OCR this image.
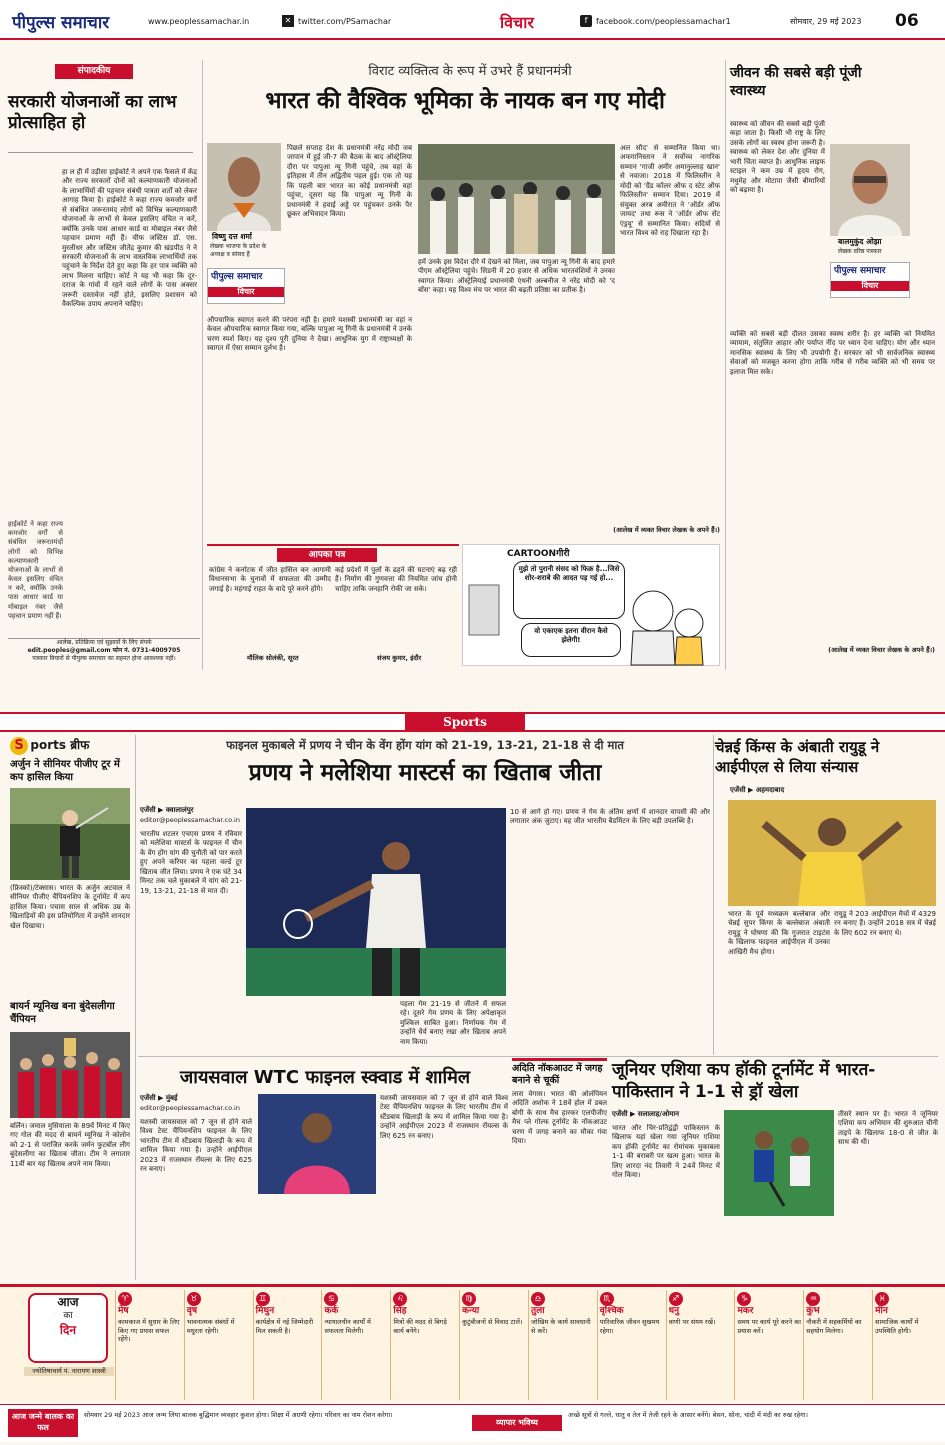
पीपुल्स समाचार	www.peoplessamachar.in	✕ twitter.com/PSamachar	विचार	f	facebook.com/peoplessamachar1	सोमवार, 29 मई 2023 06
संपादकीय
सरकारी योजनाओं का लाभ प्रोत्साहित हो
हाईकोर्ट ने कहा राज्य कमजोर वर्गों से संबंधित जरूरतमंदों लोगों को विभिन्न कल्याणकारी योजनाओं के लाभों से केवल इसलिए वंचित न करे, क्योंकि उनके पास आधार कार्ड या मोबाइल नंबर जैसे पहचान प्रमाण नहीं हैं।
हा ल ही में उड़ीसा हाईकोर्ट ने अपने एक फैसले में केंद्र और राज्य सरकारों दोनों को कल्याणकारी योजनाओं के लाभार्थियों की पहचान संबंधी पात्रता शर्तों को लेकर आगाह किया है। हाईकोर्ट ने कहा राज्य कमजोर वर्गों से संबंधित जरूरतमंद लोगों को विभिन्न कल्याणकारी योजनाओं के लाभों से केवल इसलिए वंचित न करें, क्योंकि उनके पास आधार कार्ड या मोबाइल नंबर जैसे पहचान प्रमाण नहीं हैं। चीफ जस्टिस डॉ. एस. मुरलीधर और जस्टिस जीतेंद्र कुमार की खंडपीठ ने ने सरकारी योजनाओं के लाभ वास्तविक लाभार्थियों तक पहुंचाने के निर्देश देते हुए कहा कि हर पात्र व्यक्ति को लाभ मिलना चाहिए। कोर्ट ने यह भी कहा कि दूर-दराज के गांवों में रहने वाले लोगों के पास अक्सर जरूरी दस्तावेज नहीं होते, इसलिए प्रशासन को वैकल्पिक उपाय अपनाने चाहिए।
आलेख, प्रतिक्रिया एवं सुझावों के लिए संपर्क
edit.peoples@gmail.com फोन नं. 0731-4009705
पत्रकार विचारों से पीपुल्स समाचार का सहमत होना आवश्यक नहीं।
विराट व्यक्तित्व के रूप में उभरे हैं प्रधानमंत्री
भारत की वैश्विक भूमिका के नायक बन गए मोदी
विष्णु दत्त शर्मा
लेखक भाजपा के प्रदेश के अध्यक्ष व सांसद हैं
पीपुल्स समाचार
विचार
पिछले सप्ताह देश के प्रधानमंत्री नरेंद्र मोदी जब जापान में हुई जी-7 की बैठक के बाद ऑस्ट्रेलिया दौरा पर पापुआ न्यू गिनी पहुंचे, तब वहां के इतिहास में तीन अद्वितीय पहल हुई। एक तो यह कि पहली बार भारत का कोई प्रधानमंत्री वहां पहुंचा, दूसरा यह कि पापुआ न्यू गिनी के प्रधानमंत्री ने हवाई अड्डे पर पहुंचकर उनके पैर छूकर अभिवादन किया।
औपचारिक स्वागत करने की परंपरा नहीं है। हमारे यशस्वी प्रधानमंत्री का वहां न केवल औपचारिक स्वागत किया गया, बल्कि पापुआ न्यू गिनी के प्रधानमंत्री ने उनके चरण स्पर्श किए। यह दृश्य पूरी दुनिया ने देखा। आधुनिक युग में राष्ट्राध्यक्षों के स्वागत में ऐसा सम्मान दुर्लभ है।
हमें उनके इस विदेश दौरे में देखने को मिला, जब पापुआ न्यू गिनी के बाद हमारे पीएम ऑस्ट्रेलिया पहुंचे। सिडनी में 20 हजार से अधिक भारतवंशियों ने उनका स्वागत किया। ऑस्ट्रेलियाई प्रधानमंत्री एंथनी अल्बनीज ने नरेंद्र मोदी को 'द बॉस' कहा। यह विश्व मंच पर भारत की बढ़ती प्रतिष्ठा का प्रतीक है।
अल सौद' से सम्मानित किया था। अफगानिस्तान ने सर्वोच्च नागरिक सम्मान 'गाजी अमीर अमानुल्लाह खान' से नवाजा। 2018 में फिलिस्तीन ने मोदी को 'ग्रैंड कॉलर ऑफ द स्टेट ऑफ फिलिस्तीन' सम्मान दिया। 2019 में संयुक्त अरब अमीरात ने 'ऑर्डर ऑफ जायद' तथा रूस ने 'ऑर्डर ऑफ सेंट एंड्रयू' से सम्मानित किया। सदियों से भारत विश्व को राह दिखाता रहा है।
(आलेख में व्यक्त विचार लेखक के अपने हैं।)
आपका पत्र
कांग्रेस ने कर्नाटक में जीत हासिल कर आगामी विधानसभा के चुनावों में सफलता की उम्मीद जगाई है। महंगाई राहत के वादे पूरे करने होंगे।
मौलिक सोलंकी, सूरत
कई प्रदेशों में पुलों के ढहने की घटनाएं बढ़ रही हैं। निर्माण की गुणवत्ता की नियमित जांच होनी चाहिए ताकि जनहानि रोकी जा सके।
संजय कुमार, इंदौर
CARTOONगीरी
मुझे तो पुरानी संसद को फिक्र है...जिसे शोर-शराबे की आदत पड़ गई हो...
वो एकाएक इतना वीरान कैसे झेलेगी!
जीवन की सबसे बड़ी पूंजी स्वास्थ्य
बालमुकुंद ओझा
लेखक वरिष्ठ पत्रकार
स्वास्थ्य को जीवन की सबसे बड़ी पूंजी कहा जाता है। किसी भी राष्ट्र के लिए उसके लोगों का स्वस्थ होना जरूरी है। स्वास्थ्य को लेकर देश और दुनिया में भारी चिंता व्याप्त है। आधुनिक लाइफ स्टाइल ने कम उम्र में हृदय रोग, मधुमेह और मोटापा जैसी बीमारियों को बढ़ाया है।
पीपुल्स समाचार
विचार
व्यक्ति को सबसे बड़ी दौलत उसका स्वस्थ शरीर है। हर व्यक्ति को नियमित व्यायाम, संतुलित आहार और पर्याप्त नींद पर ध्यान देना चाहिए। योग और ध्यान मानसिक स्वास्थ्य के लिए भी उपयोगी हैं। सरकार को भी सार्वजनिक स्वास्थ्य सेवाओं को मजबूत करना होगा ताकि गरीब से गरीब व्यक्ति को भी समय पर इलाज मिल सके।
(आलेख में व्यक्त विचार लेखक के अपने हैं।)
Sports
S ports ब्रीफ
अर्जुन ने सीनियर पीजीए टूर में कप हासिल किया
(फ्रिस्को)/टेक्सास। भारत के अर्जुन अटवाल ने सीनियर पीजीए चैंपियनशिप के टूर्नामेंट में कप हासिल किया। पचास साल से अधिक उम्र के खिलाड़ियों की इस प्रतियोगिता में उन्होंने शानदार खेल दिखाया।
बायर्न म्यूनिख बना बुंदेसलीगा चैंपियन
बर्लिन। जमाल मुसियाला के 89वें मिनट में किए गए गोल की मदद से बायर्न म्यूनिख ने कोलोन को 2-1 से पराजित करके जर्मन फुटबॉल लीग बुंदेसलीगा का खिताब जीता। टीम ने लगातार 11वीं बार यह खिताब अपने नाम किया।
फाइनल मुकाबले में प्रणय ने चीन के वेंग होंग यांग को 21-19, 13-21, 21-18 से दी मात
प्रणय ने मलेशिया मास्टर्स का खिताब जीता
एजेंसी ▶ क्वालालंपुर
editor@peoplessamachar.co.in
भारतीय शटलर एचएस प्रणय ने रविवार को मलेशिया मास्टर्स के फाइनल में चीन के वेंग होंग यांग की चुनौती को पार करते हुए अपने करियर का पहला वर्ल्ड टूर खिताब जीत लिया। प्रणय ने एक घंटे 34 मिनट तक चले मुकाबले में यांग को 21-19, 13-21, 21-18 से मात दी।
पहला गेम 21-19 से जीतने में सफल रहे। दूसरे गेम प्रणय के लिए अपेक्षाकृत मुश्किल साबित हुआ। निर्णायक गेम में उन्होंने धैर्य बनाए रखा और खिताब अपने नाम किया।
10 से आगे हो गए। प्रणय ने गेम के अंतिम क्षणों में शानदार वापसी की और लगातार अंक जुटाए। यह जीत भारतीय बैडमिंटन के लिए बड़ी उपलब्धि है।
चेन्नई किंग्स के अंबाती रायुडू ने आईपीएल से लिया संन्यास
एजेंसी ▶ अहमदाबाद
भारत के पूर्व मध्यक्रम बल्लेबाज और चेन्नई सुपर किंग्स के बल्लेबाज अंबाती रायुडू ने घोषणा की कि गुजरात टाइटंस के खिलाफ फाइनल आईपीएल में उनका आखिरी मैच होगा।
रायुडू ने 203 आईपीएल मैचों में 4329 रन बनाए हैं। उन्होंने 2018 सत्र में चेन्नई के लिए 602 रन बनाए थे।
जायसवाल WTC फाइनल स्क्वाड में शामिल
एजेंसी ▶ मुंबई
editor@peoplessamachar.co.in
यशस्वी जायसवाल को 7 जून से होने वाले विश्व टेस्ट चैंपियनशिप फाइनल के लिए भारतीय टीम में स्टैंडबाय खिलाड़ी के रूप में शामिल किया गया है। उन्होंने आईपीएल 2023 में राजस्थान रॉयल्स के लिए 625 रन बनाए।
यशस्वी जायसवाल को 7 जून से होने वाले विश्व टेस्ट चैंपियनशिप फाइनल के लिए भारतीय टीम में स्टैंडबाय खिलाड़ी के रूप में शामिल किया गया है। उन्होंने आईपीएल 2023 में राजस्थान रॉयल्स के लिए 625 रन बनाए।
अदिति नॉकआउट में जगह बनाने से चूकीं
लास वेगास। भारत की ओलंपियन अदिति अशोक ने 18वें होल में डबल बोगी के साथ मैच हारकर एलपीजीए मैच प्ले गोल्फ टूर्नामेंट के नॉकआउट चरण में जगह बनाने का मौका गंवा दिया।
जूनियर एशिया कप हॉकी टूर्नामेंट में भारत-पाकिस्तान ने 1-1 से ड्रॉ खेला
एजेंसी ▶ सलालाह/ओमान
भारत और चिर-प्रतिद्वंद्वी पाकिस्तान के खिलाफ यहां खेला गया जूनियर एशिया कप हॉकी टूर्नामेंट का रोमांचक मुकाबला 1-1 की बराबरी पर खत्म हुआ। भारत के लिए शारदा नंद तिवारी ने 24वें मिनट में गोल किया।
तीसरे स्थान पर है। भारत ने जूनियर एशिया कप अभियान की शुरुआत चीनी ताइपे के खिलाफ 18-0 से जीत के साथ की थी।
आज
का
दिन
ज्योतिषाचार्य पं. नारायण शास्त्री
♈
मेष
कामकाज में सुधार के लिए किए गए प्रयास सफल रहेंगे।
♉
वृष
भावनात्मक संबंधों में मधुरता रहेगी।
♊
मिथुन
कार्यक्षेत्र में नई जिम्मेदारी मिल सकती है।
♋
कर्क
न्यायालयीन कार्यों में सफलता मिलेगी।
♌
सिंह
मित्रों की मदद से बिगड़े कार्य बनेंगे।
♍
कन्या
कुटुंबीजनों से विवाद टालें।
♎
तुला
जोखिम के कार्य सावधानी से करें।
♏
वृश्चिक
पारिवारिक जीवन सुखमय रहेगा।
♐
धनु
वाणी पर संयम रखें।
♑
मकर
समय पर कार्य पूरे करने का प्रयास करें।
♒
कुंभ
नौकरी में सहकर्मियों का सहयोग मिलेगा।
♓
मीन
सामाजिक कार्यों में उपस्थिति होगी।
आज जन्मे बालक का फल
सोमवार 29 मई 2023 आज जन्म लिया बालक बुद्धिमान व्यवहार कुशल होगा। शिक्षा में अग्रणी रहेगा। परिवार का नाम रोशन करेगा।
व्यापार भविष्य
अच्छे सूत्रों से गल्ले, धातु व तेल में तेजी रहने के आसार बनेंगे। बेसन, सोना, चांदी में मंदी का रुख रहेगा।
